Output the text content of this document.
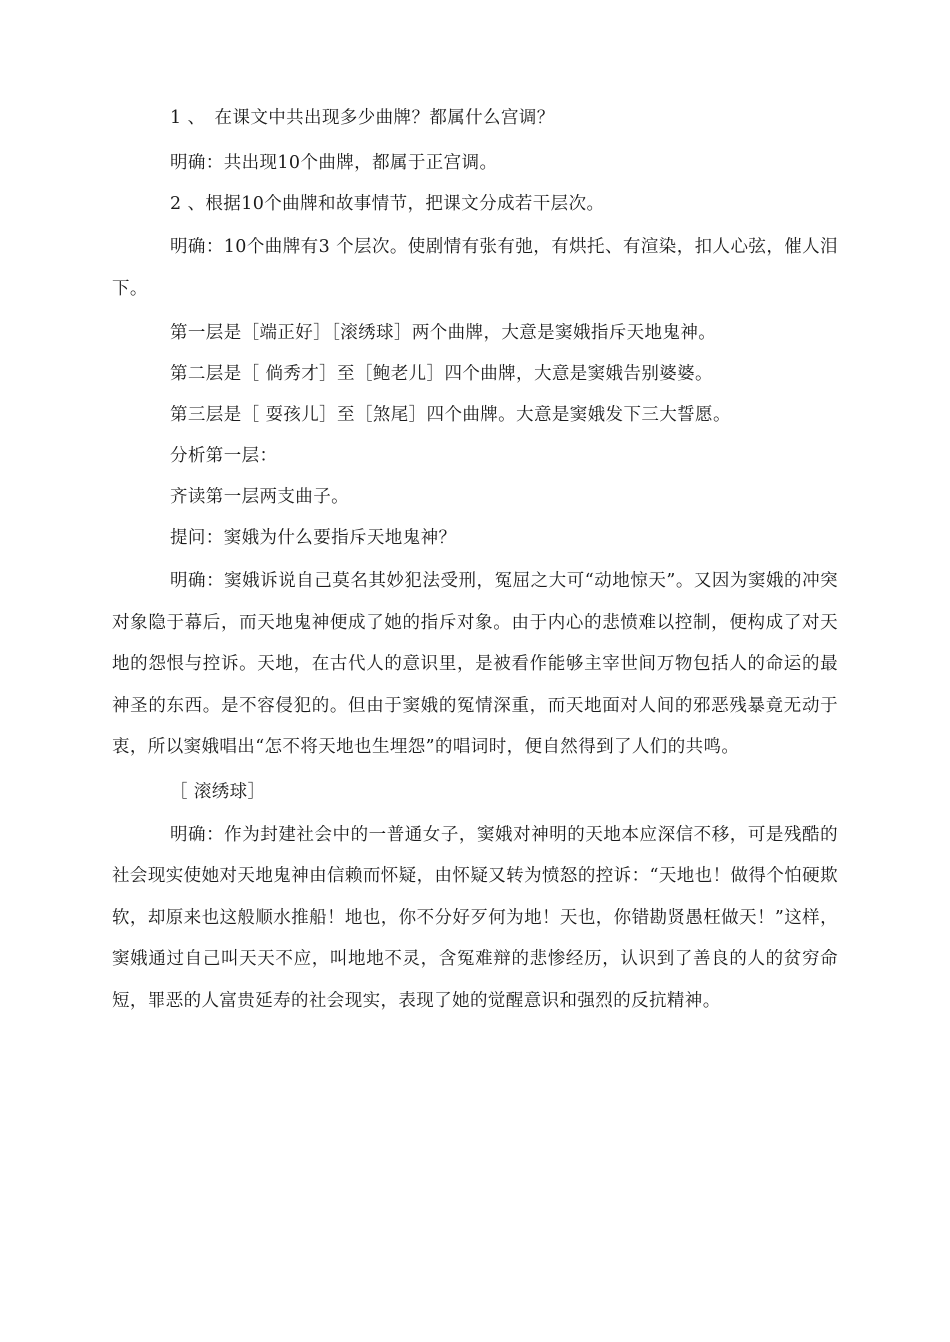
1 、　在课文中共出现多少曲牌？都属什么宫调？

明确：共出现10个曲牌，都属于正宫调。

2 、根据10个曲牌和故事情节，把课文分成若干层次。

明确：10个曲牌有3 个层次。使剧情有张有弛，有烘托、有渲染，扣人心弦，催人泪下。

第一层是［端正好］［滚绣球］两个曲牌，大意是窦娥指斥天地鬼神。

第二层是［ 倘秀才］至［鲍老儿］四个曲牌，大意是窦娥告别婆婆。

第三层是［ 耍孩儿］至［煞尾］四个曲牌。大意是窦娥发下三大誓愿。

分析第一层：

齐读第一层两支曲子。

提问：窦娥为什么要指斥天地鬼神？

明确：窦娥诉说自己莫名其妙犯法受刑，冤屈之大可“动地惊天”。又因为窦娥的冲突对象隐于幕后，而天地鬼神便成了她的指斥对象。由于内心的悲愤难以控制，便构成了对天地的怨恨与控诉。天地，在古代人的意识里，是被看作能够主宰世间万物包括人的命运的最神圣的东西。是不容侵犯的。但由于窦娥的冤情深重，而天地面对人间的邪恶残暴竟无动于衷，所以窦娥唱出“怎不将天地也生埋怨”的唱词时，便自然得到了人们的共鸣。

［ 滚绣球］

明确：作为封建社会中的一普通女子，窦娥对神明的天地本应深信不移，可是残酷的社会现实使她对天地鬼神由信赖而怀疑，由怀疑又转为愤怒的控诉：“天地也！做得个怕硬欺软，却原来也这般顺水推船！地也，你不分好歹何为地！天也，你错勘贤愚枉做天！”这样，窦娥通过自己叫天天不应，叫地地不灵，含冤难辩的悲惨经历，认识到了善良的人的贫穷命短，罪恶的人富贵延寿的社会现实，表现了她的觉醒意识和强烈的反抗精神。
